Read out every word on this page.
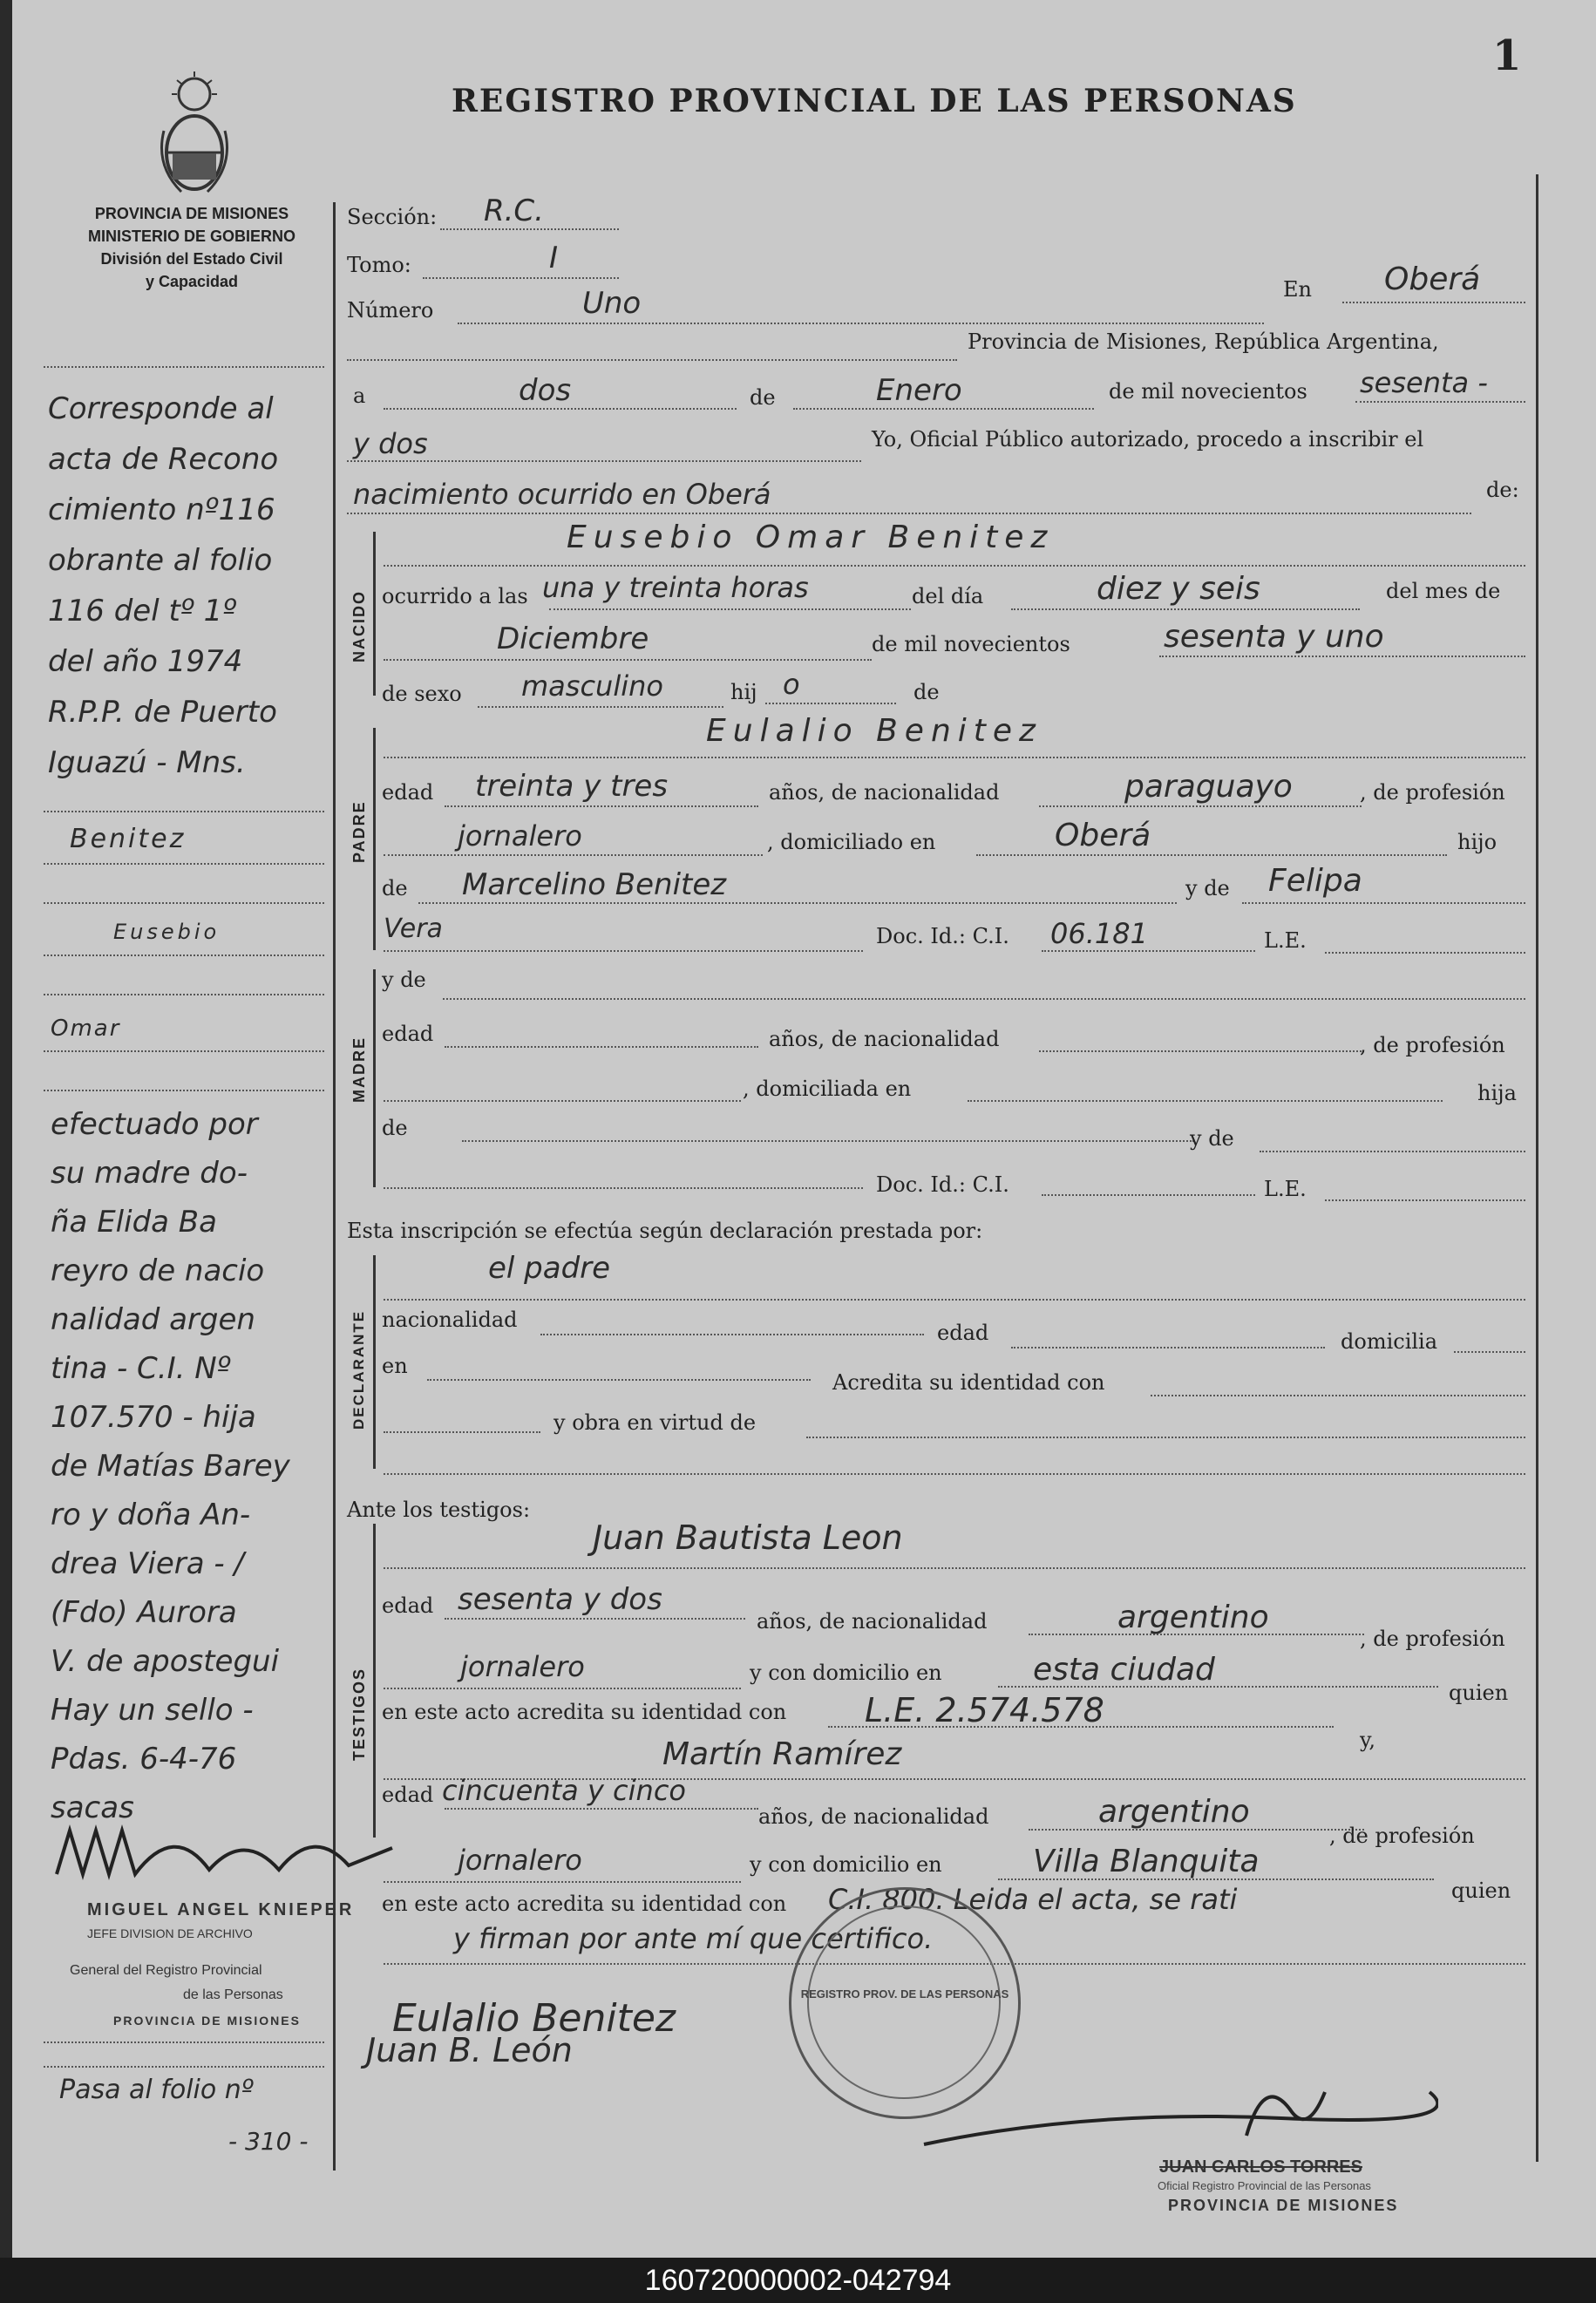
1
REGISTRO PROVINCIAL DE LAS PERSONAS
PROVINCIA DE MISIONES
MINISTERIO DE GOBIERNO
División del Estado Civil
y Capacidad
Sección: R.C.
Tomo:	I
Número	Uno	En Oberá
Provincia de Misiones, República Argentina,
a	dos	de	Enero	de mil novecientos sesenta -
y dos	Yo, Oficial Público autorizado, procedo a inscribir el
nacimiento ocurrido en Oberá	de:
NACIDO
Eusebio Omar Benitez
ocurrido a las una y treinta horas	del día	diez y seis	del mes de
Diciembre	de mil novecientos	sesenta y uno
de sexo masculino	hij o	de
PADRE
Eulalio Benitez
edad treinta y tres	años, de nacionalidad	paraguayo	, de profesión
jornalero	, domiciliado en	Oberá	hijo
de Marcelino Benitez	y de Felipa
Vera	Doc. Id.: C.I. 06.181	L.E.
MADRE
y de
edad	años, de nacionalidad	, de profesión
, domiciliada en	hija
de	y de
Doc. Id.: C.I.	L.E.
Esta inscripción se efectúa según declaración prestada por:
DECLARANTE
el padre
nacionalidad
edad	domicilia
en
Acredita su identidad con
y obra en virtud de
Ante los testigos:
TESTIGOS
Juan Bautista Leon
edad sesenta y dos
años, de nacionalidad	argentino
, de profesión
jornalero	y con domicilio en	esta ciudad
quien
en este acto acredita su identidad con L.E. 2.574.578
y,
Martín Ramírez
edad cincuenta y cinco
años, de nacionalidad	argentino
, de profesión
jornalero	y con domicilio en	Villa Blanquita
quien
en este acto acredita su identidad con C.I. 800. Leida el acta, se rati
y firman por ante mí que certifico.
Eulalio Benitez
Juan B. León
REGISTRO PROV. DE LAS PERSONAS
JUAN CARLOS TORRES
Oficial Registro Provincial de las Personas
PROVINCIA DE MISIONES
Corresponde al
acta de Recono
cimiento nº116
obrante al folio
116 del tº 1º
del año 1974
R.P.P. de Puerto
Iguazú - Mns.
Benitez
Eusebio
Omar
efectuado por
su madre do-
ña Elida Ba
reyro de nacio
nalidad argen
tina - C.I. Nº
107.570 - hija
de Matías Barey
ro y doña An-
drea Viera - /
(Fdo) Aurora
V. de apostegui
Hay un sello -
Pdas. 6-4-76
sacas
MIGUEL ANGEL KNIEPER
JEFE DIVISION DE ARCHIVO
General del Registro Provincial
de las Personas
PROVINCIA DE MISIONES
Pasa al folio nº
- 310 -
160720000002-042794
